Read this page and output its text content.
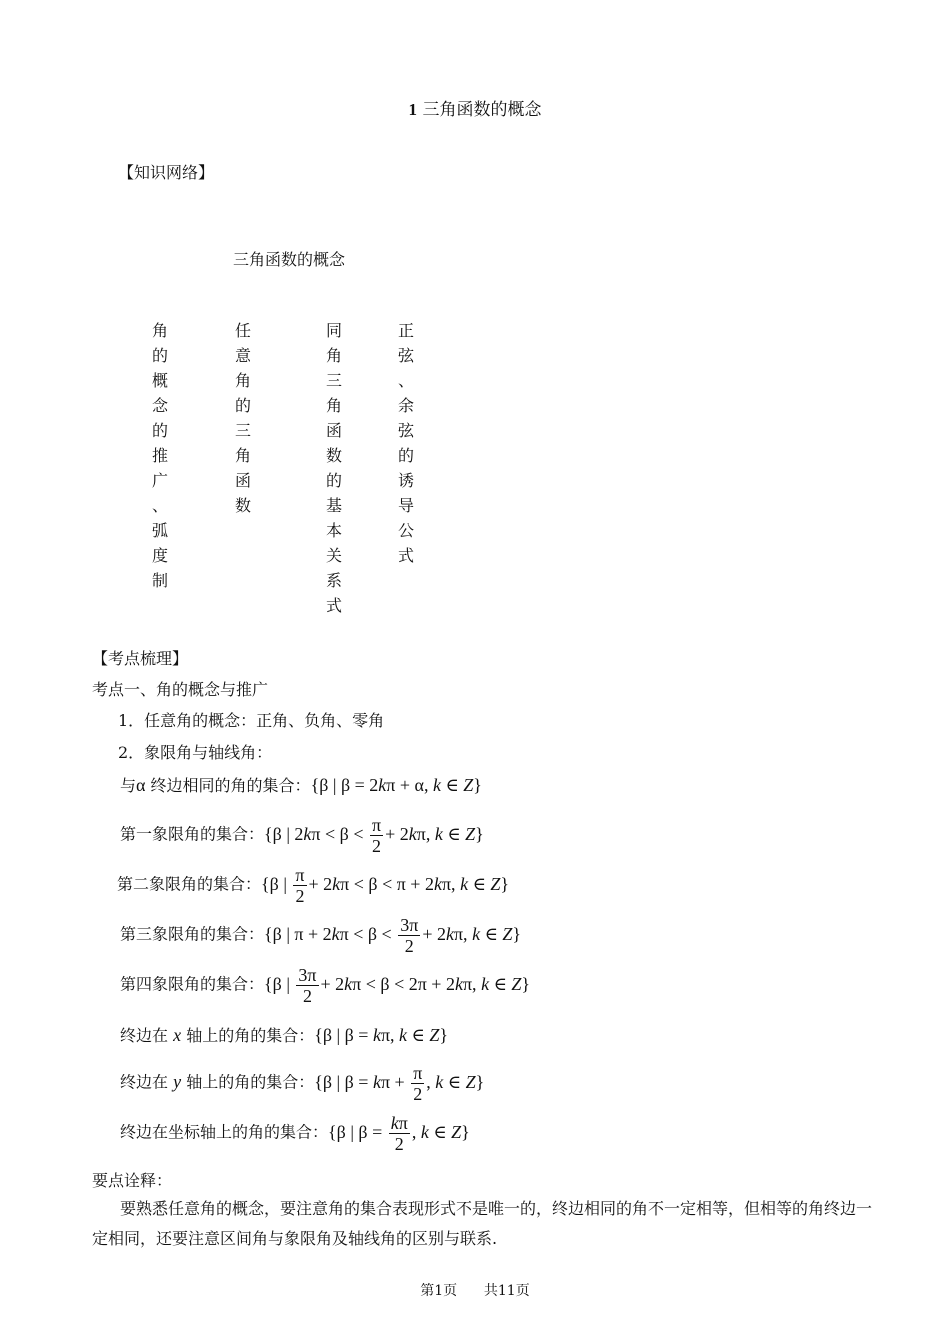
1 三角函数的概念
【知识网络】
三角函数的概念
角
的
概
念
的
推
广
、
弧
度
制
任
意
角
的
三
角
函
数
同
角
三
角
函
数
的
基
本
关
系
式
正
弦
、
余
弦
的
诱
导
公
式
【考点梳理】
考点一、角的概念与推广
1．任意角的概念：正角、负角、零角
2．象限角与轴线角：
与α 终边相同的角的集合：{β | β = 2kπ + α, k ∈ Z}
第一象限角的集合：{β | $2k\pi < \beta < \frac{\pi}{2} + 2k\pi$, k ∈ Z}
第二象限角的集合：{β | $\frac{\pi}{2} + 2k\pi < \beta < \pi + 2k\pi$, k ∈ Z}
第三象限角的集合：{β | $\pi + 2k\pi < \beta < \frac{3\pi}{2} + 2k\pi$, k ∈ Z}
第四象限角的集合：{β | $\frac{3\pi}{2} + 2k\pi < \beta < 2\pi + 2k\pi$, k ∈ Z}
终边在 x 轴上的角的集合：{β | β = kπ, k ∈ Z}
终边在 y 轴上的角的集合：{β | $\beta = k\pi + \frac{\pi}{2}$ , k ∈ Z}
终边在坐标轴上的角的集合：{β | $\beta = \frac{k\pi}{2}$ , k ∈ Z}
要点诠释：
要熟悉任意角的概念，要注意角的集合表现形式不是唯一的，终边相同的角不一定相等，但相等的角终边一定相同，还要注意区间角与象限角及轴线角的区别与联系.
第1页 共11页
